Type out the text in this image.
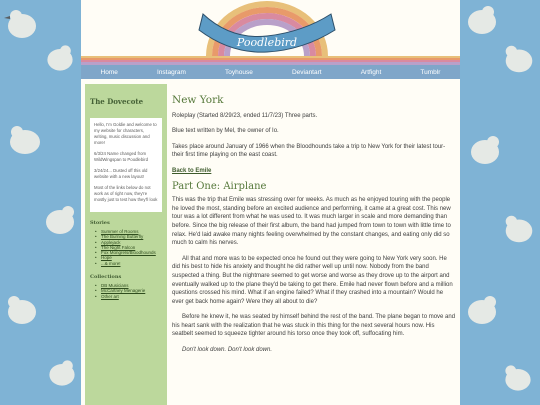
Poodlebird
Home	Instagram	Toyhouse	Deviantart	Artfight	Tumblr
The Dovecote

Hello, I'm Goldie and welcome to my website for characters, writing, music discussion and more!

6/3/24 Name changed from WildWingspan to Poodlebird

3/24/24... Dusted off this old website with a new layout!

Most of the links below do not work as of right now, they're mostly just to test how they'll look

Stories
• Summer of Rooms
• The Burning Butterfly
• Applejack
• The Night Falcon
• Fox Mongrels/Bloodhounds
• Hope
• ...& more!
Collections
• DB Musicians
• McCartney Menagerie
• Other art
New York

Roleplay (Started 8/29/23, ended 11/7/23) Three parts.

Blue text written by Mel, the owner of Io.

Takes place around January of 1966 when the Bloodhounds take a trip to New York for their latest tour- their first time playing on the east coast.

Back to Emile

Part One: Airplane

This was the trip that Emile was stressing over for weeks. As much as he enjoyed touring with the people he loved the most, standing before an excited audience and performing, it came at a great cost. This new tour was a lot different from what he was used to. It was much larger in scale and more demanding than before. Since the big release of their first album, the band had jumped from town to town with little time to relax. He'd laid awake many nights feeling overwhelmed by the constant changes, and eating only did so much to calm his nerves.

All that and more was to be expected once he found out they were going to New York very soon. He did his best to hide his anxiety and thought he did rather well up until now. Nobody from the band suspected a thing. But the nightmare seemed to get worse and worse as they drove up to the airport and eventually walked up to the plane they'd be taking to get there. Emile had never flown before and a million questions crossed his mind. What if an engine failed? What if they crashed into a mountain? Would he ever get back home again? Were they all about to die?

Before he knew it, he was seated by himself behind the rest of the band. The plane began to move and his heart sank with the realization that he was stuck in this thing for the next several hours now. His seatbelt seemed to squeeze tighter around his torso once they took off, suffocating him.

Don't look down. Don't look down.
